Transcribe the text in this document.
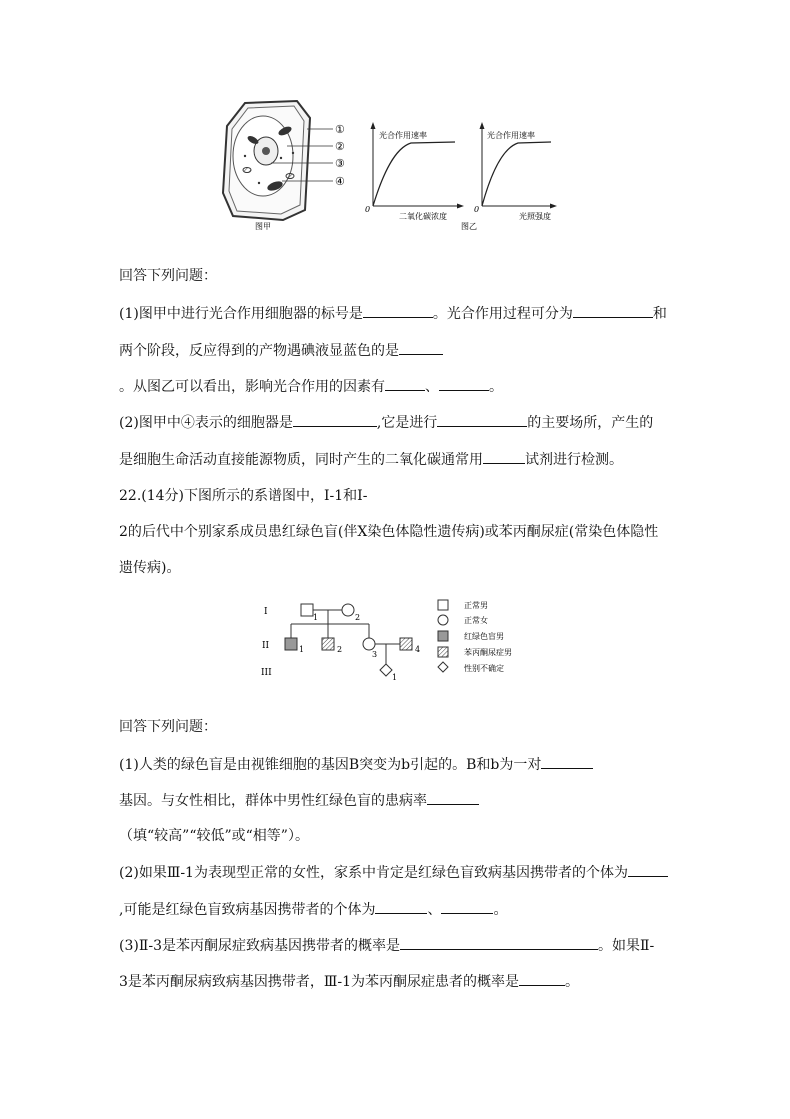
①
②
③
④
图甲
光合作用速率
二氧化碳浓度
0
光合作用速率
光照强度
0
图乙
回答下列问题：
(1)图甲中进行光合作用细胞器的标号是	。光合作用过程可分为	和
两个阶段，反应得到的产物遇碘液显蓝色的是
。从图乙可以看出，影响光合作用的因素有	、	。
(2)图甲中④表示的细胞器是	,它是进行	的主要场所，产生的
是细胞生命活动直接能源物质，同时产生的二氧化碳通常用	试剂进行检测。
22.(14分)下图所示的系谱图中，I-1和I-
2的后代中个别家系成员患红绿色盲(伴X染色体隐性遗传病)或苯丙酮尿症(常染色体隐性
遗传病)。
I
II
III
1	2
1	2
3
4
1
正常男
正常女
红绿色盲男
苯丙酮尿症男
性别不确定
回答下列问题：
(1)人类的绿色盲是由视锥细胞的基因B突变为b引起的。B和b为一对
基因。与女性相比，群体中男性红绿色盲的患病率
（填“较高”“较低”或“相等”）。
(2)如果Ⅲ-1为表现型正常的女性，家系中肯定是红绿色盲致病基因携带者的个体为
,可能是红绿色盲致病基因携带者的个体为	、	。
(3)Ⅱ-3是苯丙酮尿症致病基因携带者的概率是	。如果Ⅱ-
3是苯丙酮尿病致病基因携带者，Ⅲ-1为苯丙酮尿症患者的概率是	。
